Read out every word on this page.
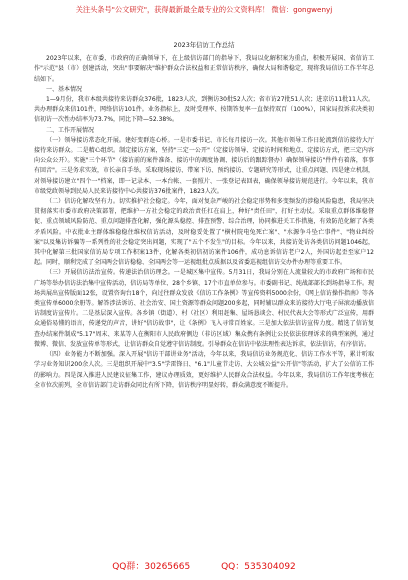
关注头条号"公文研究"，获得最新最全最专业的公文资料库！ 微信：gongwenyj
2023年信访工作总结
2023年以来，在市委、市政府的正确领导下，在上级信访部门的指导下，我局以化解积案为重点，积极开展国、省信访工作"示范"县（市）创建活动，突出"事要解决"维护群众合法权益和正常信访秩序，确保大局和谐稳定，现将我局信访工作半年总结如下。
一、基本情况
1—9月份，我市本级共接待来访群众376批，1823人次，到衡访30批52人次；省市访27批51人次；进京访11批11人次。共办理群众来信101件，网络信访101件。业务指标上，及时受理率、按期答复率一直保持双百（100%），国家局投诉求决类初信初访一次性办结率为73.7%，同比下降—52.38%。
二、工作开展情况
（一）领导接访常态化开展。建好变群连心桥。一是市委书记、市长每月接访一次。其他市领导工作日轮流到信访接待大厅接待来访群众。二是精心组织。制定接访方案，坚持"三定一公开"（定接访领导、定接访时间和地点、定接访方式，把三定内容向公众公开）。实施"三个环节"（接访前的案件准备、接访中的调度协调、接访后的跟踪督办）确保领导接访"件件有着落，事事有回音"。三是务求实效，市长亲自手举。采取现场接访、带案下访、预约接访、专题研究等形式，让重点问题、四是建立机制，对领导接访建立"四个一"档案，即一记录本、一本台帐、一套照片、一张登记表回表，确保领导接访规范进行。今年以来，我市市级党政领导到民局人民来访接待中心共接访376批案件，1823人次。
（二）信访化解攻坚有力。切实推护社会稳定。今年，面对复杂严峻的社会稳定形势和多变频发的涉稳风险隐患，我局坚决贯彻落实市委市政府决策部署，把维护一方社会稳定的政治责任扛在肩上，种好"责任田"，打好主动仗。采取重点群体维稳督促、重点领域风险防范、重点问题排查化解，强化源头稳控、排查预警、综合治理，协同推进关工作措施，有效防范化解了各类矛盾风险。中衣批业主群体维稳稳住维权信访活动，及时稳妥处置了"横村院电兔死亡案"、"水源争斗坠亡事件"、"物业纠纷案"以及集访诉骗等一系列性的社会稳定突出问题，实现了"五个不发生"的目标。今年以来，共接访处访各类信访问题1046起，其中化解第三批国家信访局专项工作积案13件，化解各类初信初访案件106件，成功息诉信访老户2人，外国访起歪至家户12起。同时，顺利完成了全国两会信访稳稳、全国两会等一运视组批点质据以及省委巡视组信访交办件办理等重要工作。
（三）开展信访法治宣传。传递法治信访理念。一是城区集中宣传。5月31日，我局分别在人流量较大的市政府广场和市民广场等举办信访法治集中宣传活动，信访局等单位、28个乡镇、17个市直单位参与。市委副书记、纯战部部长到场指导工作。现场共展出宣传版面12张，设置咨询台18个，向过往群众发放《信访工作条例》等宣传资料5000余份，《网上信访操作指南》等各类宣传单6000余册等。解答涉法诉访、社会治安、国土资源等群众问题200多起，同时辅以群众来访接待大厅电子屏滚动播放信访制度访宣传片。二是基层深入宣传。各乡镇（街道）、村（社区）利用赶集、屋场恳谈会、村民代表大会等形式广泛宣传，用群众通俗易懂的语言，传递党的声音，讲好"信访故事"，让《条例》飞入寻常百姓家。三是加大依法信访宣传力度。精选了信访复查办结案件制成"5.17"周末、来某等人在衡阳市人民政府侧边（非访区域）集众携有条例让公民依法依理诉求的典型案例，通过微博、微信、发放宣传单等形式，让信访群众自觉遵守信访制度。引导群众在信访中依法理性表达诉求，依法信访，有序信访。
（四）业务能力不断加强。深入开展"信访干部讲业务"活动，今年以来，我局信访业务规范化、信访工作水平等，累计听取学习业务知识200余人次。三是组织开展中"3.5"学雷锋日、"6.1"儿童节走访、大公城公益"公开信"等活动，扩大了公信访工作的影响力。四是深入推进人民建议征集工作，建议办理质效，更好维护人民群众合法权益。今年以来，我局信访工作年度考核在全市位次前列，全市信访部门走访群众同比有所下降，信访秩序明显好转，群众满意度不断提升。
QQ群：30265665	QQ：535304092
